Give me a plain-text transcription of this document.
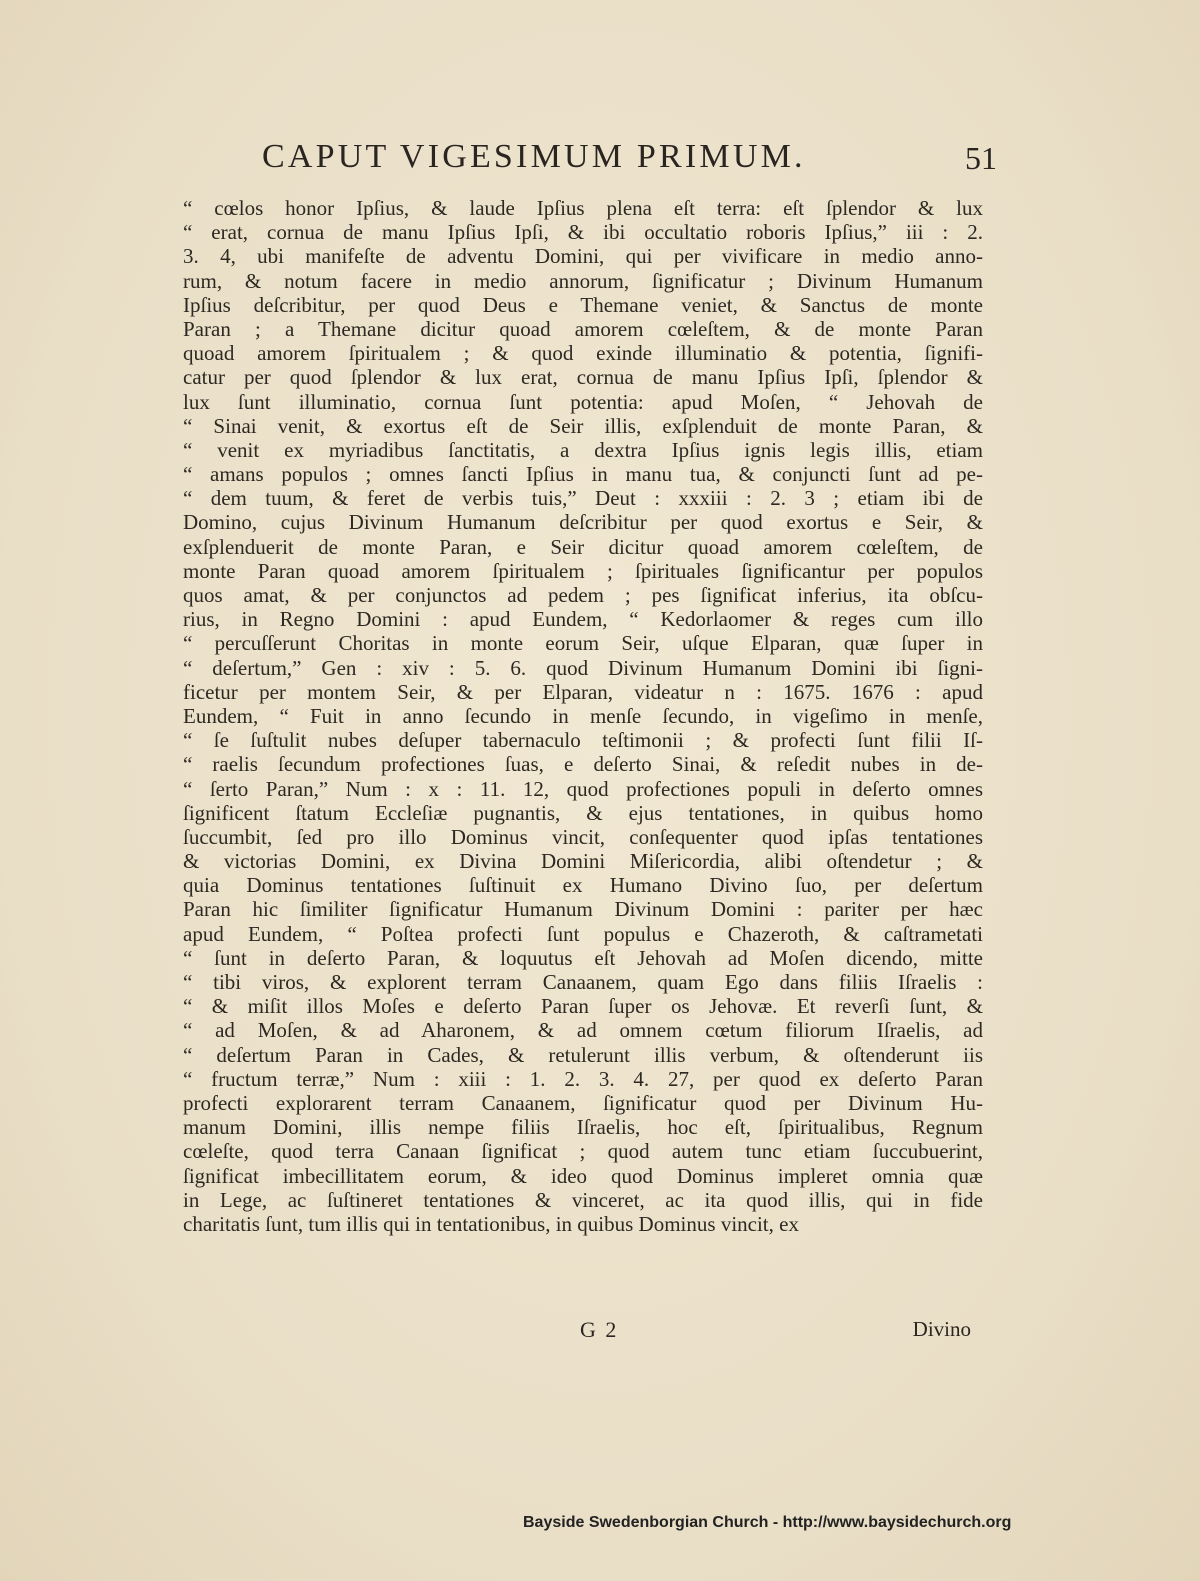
CAPUT VIGESIMUM PRIMUM.	51
“ cœlos honor Ipſius, & laude Ipſius plena eſt terra: eſt ſplendor & lux
“ erat, cornua de manu Ipſius Ipſi, & ibi occultatio roboris Ipſius,” iii : 2.
3. 4, ubi manifeſte de adventu Domini, qui per vivificare in medio anno-
rum, & notum facere in medio annorum, ſignificatur ; Divinum Humanum
Ipſius deſcribitur, per quod Deus e Themane veniet, & Sanctus de monte
Paran ; a Themane dicitur quoad amorem cœleſtem, & de monte Paran
quoad amorem ſpiritualem ; & quod exinde illuminatio & potentia, ſignifi-
catur per quod ſplendor & lux erat, cornua de manu Ipſius Ipſi, ſplendor &
lux ſunt illuminatio, cornua ſunt potentia: apud Moſen, “ Jehovah de
“ Sinai venit, & exortus eſt de Seir illis, exſplenduit de monte Paran, &
“ venit ex myriadibus ſanctitatis, a dextra Ipſius ignis legis illis, etiam
“ amans populos ; omnes ſancti Ipſius in manu tua, & conjuncti ſunt ad pe-
“ dem tuum, & feret de verbis tuis,” Deut : xxxiii : 2. 3 ; etiam ibi de
Domino, cujus Divinum Humanum deſcribitur per quod exortus e Seir, &
exſplenduerit de monte Paran, e Seir dicitur quoad amorem cœleſtem, de
monte Paran quoad amorem ſpiritualem ; ſpirituales ſignificantur per populos
quos amat, & per conjunctos ad pedem ; pes ſignificat inferius, ita obſcu-
rius, in Regno Domini : apud Eundem, “ Kedorlaomer & reges cum illo
“ percuſſerunt Choritas in monte eorum Seir, uſque Elparan, quæ ſuper in
“ deſertum,” Gen : xiv : 5. 6. quod Divinum Humanum Domini ibi ſigni-
ficetur per montem Seir, & per Elparan, videatur n : 1675. 1676 : apud
Eundem, “ Fuit in anno ſecundo in menſe ſecundo, in vigeſimo in menſe,
“ ſe ſuſtulit nubes deſuper tabernaculo teſtimonii ; & profecti ſunt filii Iſ-
“ raelis ſecundum profectiones ſuas, e deſerto Sinai, & reſedit nubes in de-
“ ſerto Paran,” Num : x : 11. 12, quod profectiones populi in deſerto omnes
ſignificent ſtatum Eccleſiæ pugnantis, & ejus tentationes, in quibus homo
ſuccumbit, ſed pro illo Dominus vincit, conſequenter quod ipſas tentationes
& victorias Domini, ex Divina Domini Miſericordia, alibi oſtendetur ; &
quia Dominus tentationes ſuſtinuit ex Humano Divino ſuo, per deſertum
Paran hic ſimiliter ſignificatur Humanum Divinum Domini : pariter per hæc
apud Eundem, “ Poſtea profecti ſunt populus e Chazeroth, & caſtrametati
“ ſunt in deſerto Paran, & loquutus eſt Jehovah ad Moſen dicendo, mitte
“ tibi viros, & explorent terram Canaanem, quam Ego dans filiis Iſraelis :
“ & miſit illos Moſes e deſerto Paran ſuper os Jehovæ. Et reverſi ſunt, &
“ ad Moſen, & ad Aharonem, & ad omnem cœtum filiorum Iſraelis, ad
“ deſertum Paran in Cades, & retulerunt illis verbum, & oſtenderunt iis
“ fructum terræ,” Num : xiii : 1. 2. 3. 4. 27, per quod ex deſerto Paran
profecti explorarent terram Canaanem, ſignificatur quod per Divinum Hu-
manum Domini, illis nempe filiis Iſraelis, hoc eſt, ſpiritualibus, Regnum
cœleſte, quod terra Canaan ſignificat ; quod autem tunc etiam ſuccubuerint,
ſignificat imbecillitatem eorum, & ideo quod Dominus impleret omnia quæ
in Lege, ac ſuſtineret tentationes & vinceret, ac ita quod illis, qui in fide
charitatis ſunt, tum illis qui in tentationibus, in quibus Dominus vincit, ex
G 2	Divino
Bayside Swedenborgian Church - http://www.baysidechurch.org
